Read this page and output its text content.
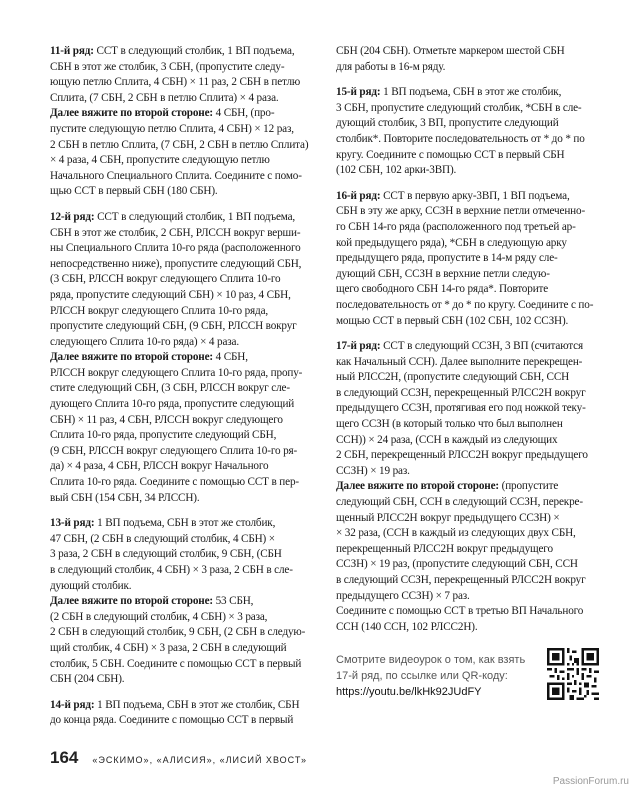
11-й ряд: ССТ в следующий столбик, 1 ВП подъема,
СБН в этот же столбик, 3 СБН, (пропустите следу-
ющую петлю Сплита, 4 СБН) × 11 раз, 2 СБН в петлю
Сплита, (7 СБН, 2 СБН в петлю Сплита) × 4 раза.
Далее вяжите по второй стороне: 4 СБН, (про-
пустите следующую петлю Сплита, 4 СБН) × 12 раз,
2 СБН в петлю Сплита, (7 СБН, 2 СБН в петлю Сплита)
× 4 раза, 4 СБН, пропустите следующую петлю
Начального Специального Сплита. Соедините с помо-
щью ССТ в первый СБН (180 СБН).
12-й ряд: ССТ в следующий столбик, 1 ВП подъема,
СБН в этот же столбик, 2 СБН, РЛССН вокруг верши-
ны Специального Сплита 10-го ряда (расположенного
непосредственно ниже), пропустите следующий СБН,
(3 СБН, РЛССН вокруг следующего Сплита 10-го
ряда, пропустите следующий СБН) × 10 раз, 4 СБН,
РЛССН вокруг следующего Сплита 10-го ряда,
пропустите следующий СБН, (9 СБН, РЛССН вокруг
следующего Сплита 10-го ряда) × 4 раза.
Далее вяжите по второй стороне: 4 СБН,
РЛССН вокруг следующего Сплита 10-го ряда, пропу-
стите следующий СБН, (3 СБН, РЛССН вокруг сле-
дующего Сплита 10-го ряда, пропустите следующий
СБН) × 11 раз, 4 СБН, РЛССН вокруг следующего
Сплита 10-го ряда, пропустите следующий СБН,
(9 СБН, РЛССН вокруг следующего Сплита 10-го ря-
да) × 4 раза, 4 СБН, РЛССН вокруг Начального
Сплита 10-го ряда. Соедините с помощью ССТ в пер-
вый СБН (154 СБН, 34 РЛССН).
13-й ряд: 1 ВП подъема, СБН в этот же столбик,
47 СБН, (2 СБН в следующий столбик, 4 СБН) ×
3 раза, 2 СБН в следующий столбик, 9 СБН, (СБН
в следующий столбик, 4 СБН) × 3 раза, 2 СБН в сле-
дующий столбик.
Далее вяжите по второй стороне: 53 СБН,
(2 СБН в следующий столбик, 4 СБН) × 3 раза,
2 СБН в следующий столбик, 9 СБН, (2 СБН в следую-
щий столбик, 4 СБН) × 3 раза, 2 СБН в следующий
столбик, 5 СБН. Соедините с помощью ССТ в первый
СБН (204 СБН).
14-й ряд: 1 ВП подъема, СБН в этот же столбик, СБН
до конца ряда. Соедините с помощью ССТ в первый
СБН (204 СБН). Отметьте маркером шестой СБН
для работы в 16-м ряду.
15-й ряд: 1 ВП подъема, СБН в этот же столбик,
3 СБН, пропустите следующий столбик, *СБН в сле-
дующий столбик, 3 ВП, пропустите следующий
столбик*. Повторите последовательность от * до * по
кругу. Соедините с помощью ССТ в первый СБН
(102 СБН, 102 арки-3ВП).
16-й ряд: ССТ в первую арку-3ВП, 1 ВП подъема,
СБН в эту же арку, ССЗН в верхние петли отмеченно-
го СБН 14-го ряда (расположенного под третьей ар-
кой предыдущего ряда), *СБН в следующую арку
предыдущего ряда, пропустите в 14-м ряду сле-
дующий СБН, ССЗН в верхние петли следую-
щего свободного СБН 14-го ряда*. Повторите
последовательность от * до * по кругу. Соедините с по-
мощью ССТ в первый СБН (102 СБН, 102 ССЗН).
17-й ряд: ССТ в следующий ССЗН, 3 ВП (считаются
как Начальный ССН). Далее выполните перекрещен-
ный РЛСС2Н, (пропустите следующий СБН, ССН
в следующий ССЗН, перекрещенный РЛСС2Н вокруг
предыдущего ССЗН, протягивая его под ножкой теку-
щего ССЗН (в который только что был выполнен
ССН)) × 24 раза, (ССН в каждый из следующих
2 СБН, перекрещенный РЛСС2Н вокруг предыдущего
ССЗН) × 19 раз.
Далее вяжите по второй стороне: (пропустите
следующий СБН, ССН в следующий ССЗН, перекре-
щенный РЛСС2Н вокруг предыдущего ССЗН) ×
× 32 раза, (ССН в каждый из следующих двух СБН,
перекрещенный РЛСС2Н вокруг предыдущего
ССЗН) × 19 раз, (пропустите следующий СБН, ССН
в следующий ССЗН, перекрещенный РЛСС2Н вокруг
предыдущего ССЗН) × 7 раз.
Соедините с помощью ССТ в третью ВП Начального
ССН (140 ССН, 102 РЛСС2Н).
Смотрите видеоурок о том, как взять
17-й ряд, по ссылке или QR-коду:
https://youtu.be/lkHk92JUdFY
164 «ЭСКИМО», «АЛИСИЯ», «ЛИСИЙ ХВОСТ»
PassionForum.ru
